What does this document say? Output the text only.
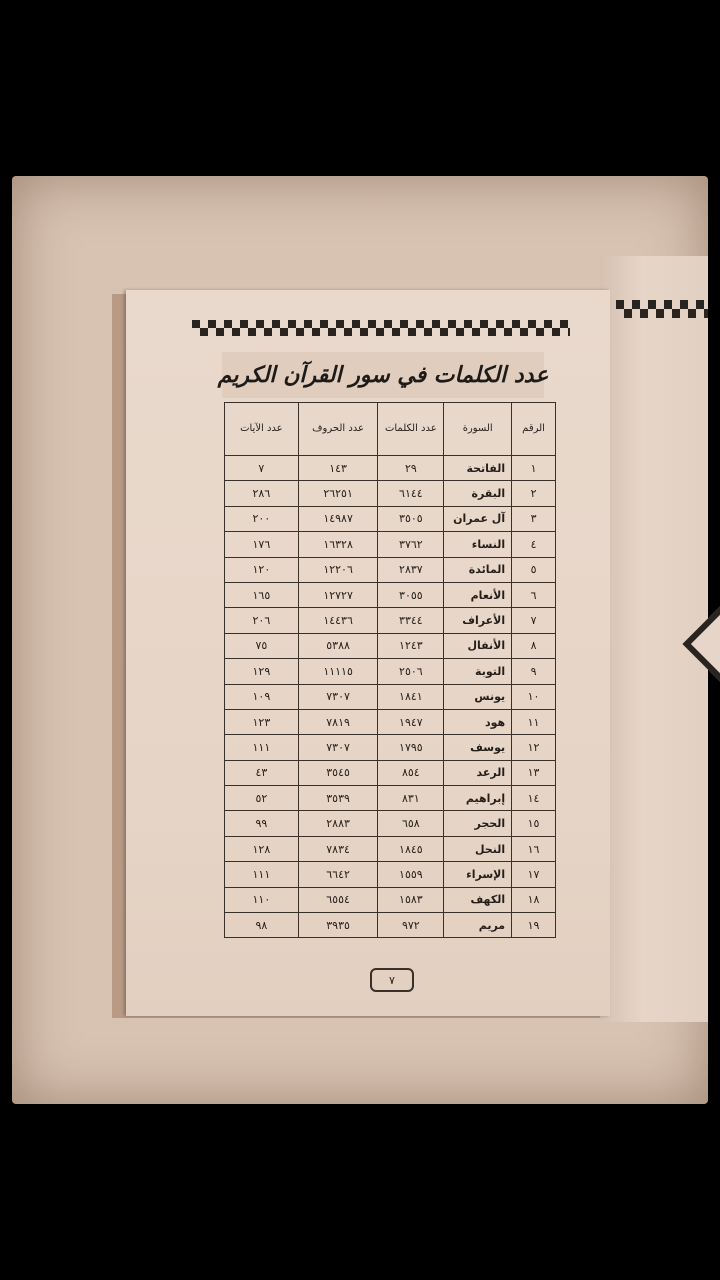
عدد الكلمات في سور القرآن الكريم
الرقم	السورة	عدد الكلمات	عدد الحروف	عدد الآيات
١	الفاتحة	٢٩	١٤٣	٧
٢	البقرة	٦١٤٤	٢٦٢٥١	٢٨٦
٣	آل عمران	٣٥٠٥	١٤٩٨٧	٢٠٠
٤	النساء	٣٧٦٢	١٦٣٢٨	١٧٦
٥	المائدة	٢٨٣٧	١٢٢٠٦	١٢٠
٦	الأنعام	٣٠٥٥	١٢٧٢٧	١٦٥
٧	الأعراف	٣٣٤٤	١٤٤٣٦	٢٠٦
٨	الأنفال	١٢٤٣	٥٣٨٨	٧٥
٩	التوبة	٢٥٠٦	١١١١٥	١٢٩
١٠	يونس	١٨٤١	٧٣٠٧	١٠٩
١١	هود	١٩٤٧	٧٨١٩	١٢٣
١٢	يوسف	١٧٩٥	٧٣٠٧	١١١
١٣	الرعد	٨٥٤	٣٥٤٥	٤٣
١٤	إبراهيم	٨٣١	٣٥٣٩	٥٢
١٥	الحجر	٦٥٨	٢٨٨٣	٩٩
١٦	النحل	١٨٤٥	٧٨٣٤	١٢٨
١٧	الإسراء	١٥٥٩	٦٦٤٢	١١١
١٨	الكهف	١٥٨٣	٦٥٥٤	١١٠
١٩	مريم	٩٧٢	٣٩٣٥	٩٨
٧
